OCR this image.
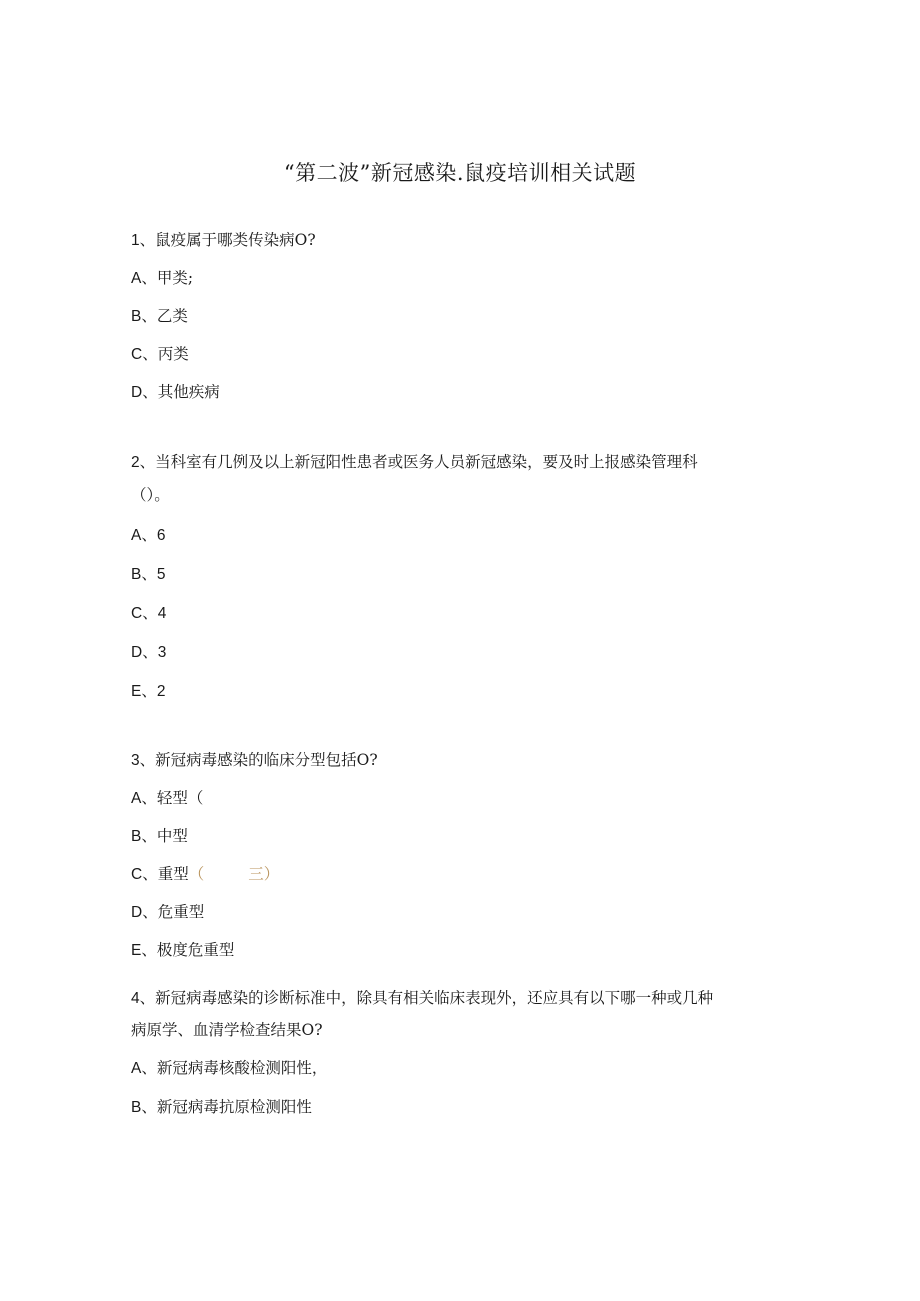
“第二波”新冠感染.鼠疫培训相关试题
1、鼠疫属于哪类传染病O?
A、甲类;
B、乙类
C、丙类
D、其他疾病
2、当科室有几例及以上新冠阳性患者或医务人员新冠感染，要及时上报感染管理科
（）。
A、6
B、5
C、4
D、3
E、2
3、新冠病毒感染的临床分型包括O?
A、轻型（
B、中型
C、重型（	三）
D、危重型
E、极度危重型
4、新冠病毒感染的诊断标准中，除具有相关临床表现外，还应具有以下哪一种或几种
病原学、血清学检查结果O?
A、新冠病毒核酸检测阳性，
B、新冠病毒抗原检测阳性
